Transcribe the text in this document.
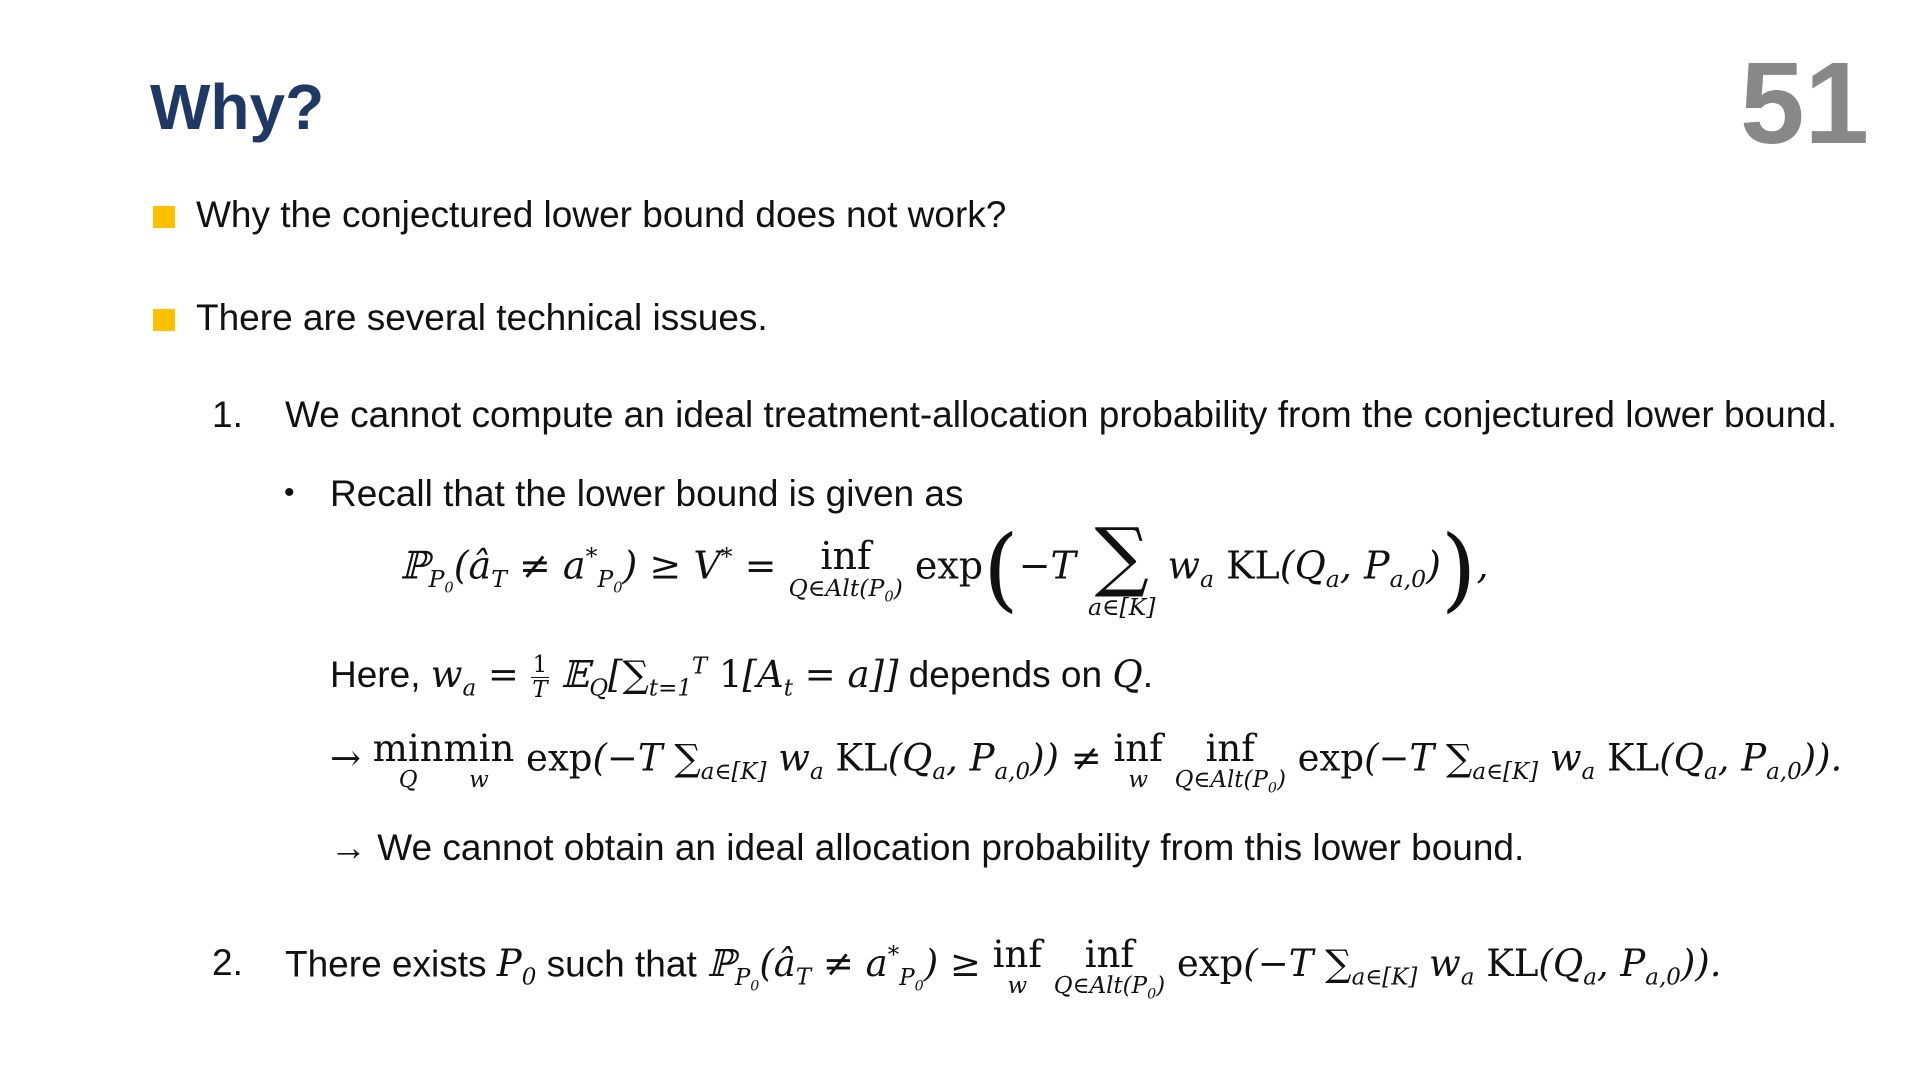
Why?	51
Why the conjectured lower bound does not work?
There are several technical issues.
1. We cannot compute an ideal treatment-allocation probability from the conjectured lower bound.
• Recall that the lower bound is given as
$ℙ_{P_0}(â_T \ne a^*_{P_0}) \ge V^*$ = inf
$Q\in Alt(P_0)$
exp(−T ∑
a∈[K]
$w_a$ $KL(Q_a$, $P_{a,0}$)),
Here, $w_a = \frac{1}{T}$ $𝔼_Q[\sum_{t=1}^T$ $1[A_t = a]$] depends on Q.
→ min
Q
min
w
exp(−T $\sum_{a\in[K]}$ $w_a$ $KL(Q_a$, $P_{a,0}$)) ≠ inf
w

inf
$Q\in Alt(P_0)$
exp(−T $\sum_{a\in[K]}$ $w_a$ $KL(Q_a$, $P_{a,0}$)).
→ We cannot obtain an ideal allocation probability from this lower bound.
2. There exists $P_0$ such that $ℙ_{P_0}(â_T \ne a^*_{P_0})$ ≥ inf
w

inf
$Q\in Alt(P_0)$
exp(−T $\sum_{a\in[K]}$ $w_a$ $KL(Q_a$, $P_{a,0}$)).
